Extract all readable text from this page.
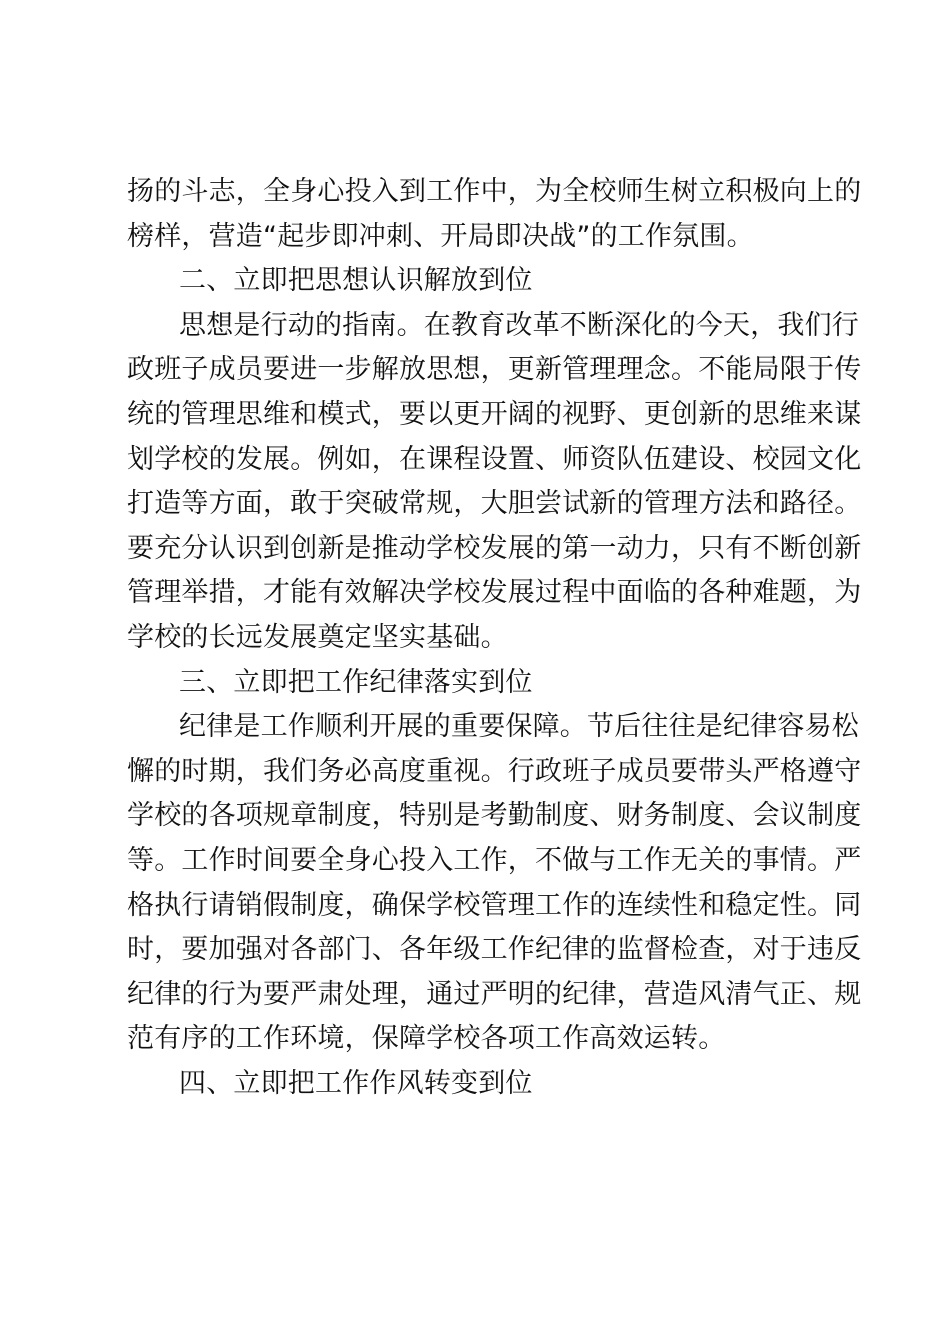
扬的斗志，全身心投入到工作中，为全校师生树立积极向上的
榜样，营造“起步即冲刺、开局即决战”的工作氛围。
二、立即把思想认识解放到位
思想是行动的指南。在教育改革不断深化的今天，我们行
政班子成员要进一步解放思想，更新管理理念。不能局限于传
统的管理思维和模式，要以更开阔的视野、更创新的思维来谋
划学校的发展。例如，在课程设置、师资队伍建设、校园文化
打造等方面，敢于突破常规，大胆尝试新的管理方法和路径。
要充分认识到创新是推动学校发展的第一动力，只有不断创新
管理举措，才能有效解决学校发展过程中面临的各种难题，为
学校的长远发展奠定坚实基础。
三、立即把工作纪律落实到位
纪律是工作顺利开展的重要保障。节后往往是纪律容易松
懈的时期，我们务必高度重视。行政班子成员要带头严格遵守
学校的各项规章制度，特别是考勤制度、财务制度、会议制度
等。工作时间要全身心投入工作，不做与工作无关的事情。严
格执行请销假制度，确保学校管理工作的连续性和稳定性。同
时，要加强对各部门、各年级工作纪律的监督检查，对于违反
纪律的行为要严肃处理，通过严明的纪律，营造风清气正、规
范有序的工作环境，保障学校各项工作高效运转。
四、立即把工作作风转变到位
